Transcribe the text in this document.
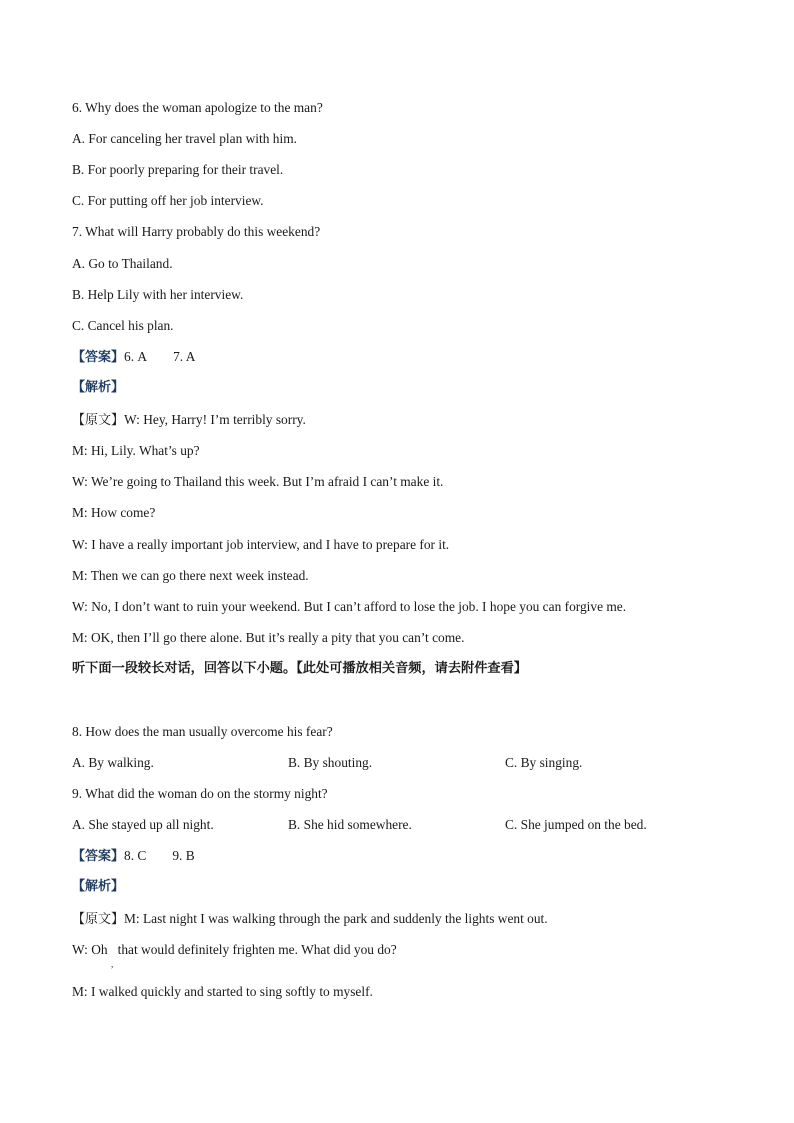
6. Why does the woman apologize to the man?
A. For canceling her travel plan with him.
B. For poorly preparing for their travel.
C. For putting off her job interview.
7. What will Harry probably do this weekend?
A. Go to Thailand.
B. Help Lily with her interview.
C. Cancel his plan.
【答案】6. A 7. A
【解析】
【原文】W: Hey, Harry! I’m terribly sorry.
M: Hi, Lily. What’s up?
W: We’re going to Thailand this week. But I’m afraid I can’t make it.
M: How come?
W: I have a really important job interview, and I have to prepare for it.
M: Then we can go there next week instead.
W: No, I don’t want to ruin your weekend. But I can’t afford to lose the job. I hope you can forgive me.
M: OK, then I’ll go there alone. But it’s really a pity that you can’t come.
听下面一段较长对话，回答以下小题。【此处可播放相关音频，请去附件查看】
8. How does the man usually overcome his fear?
A. By walking.	B. By shouting.	C. By singing.
9. What did the woman do on the stormy night?
A. She stayed up all night.	B. She hid somewhere.	C. She jumped on the bed.
【答案】8. C 9. B
【解析】
【原文】M: Last night I was walking through the park and suddenly the lights went out.
W: Oh   that would definitely frighten me. What did you do?
,
M: I walked quickly and started to sing softly to myself.
